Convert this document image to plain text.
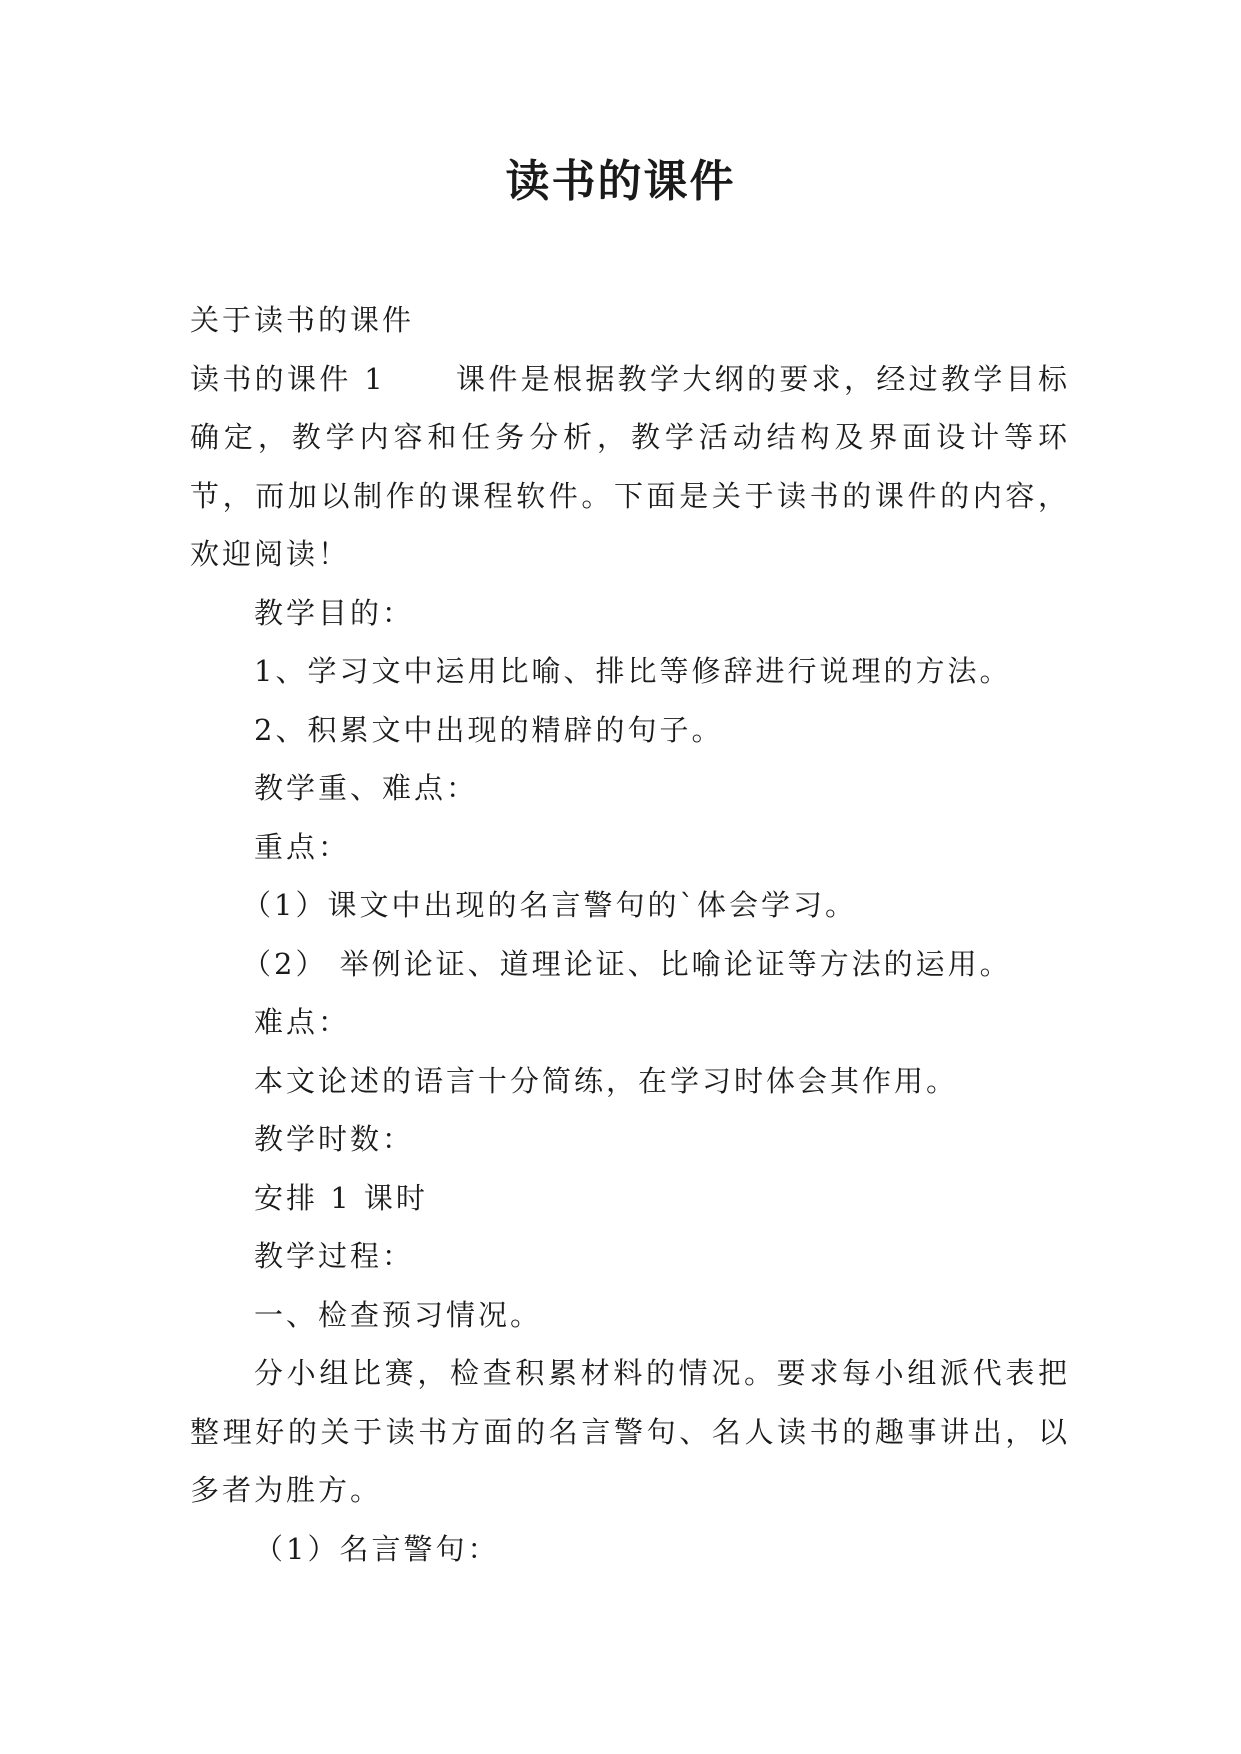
读书的课件

关于读书的课件

读书的课件 1 课件是根据教学大纲的要求，经过教学目标确定，教学内容和任务分析，教学活动结构及界面设计等环节，而加以制作的课程软件。下面是关于读书的课件的内容，欢迎阅读！

教学目的：

1、学习文中运用比喻、排比等修辞进行说理的方法。

2、积累文中出现的精辟的句子。

教学重、难点：

重点：

（1）课文中出现的名言警句的`体会学习。

（2） 举例论证、道理论证、比喻论证等方法的运用。

难点：

本文论述的语言十分简练，在学习时体会其作用。

教学时数：

安排 1 课时

教学过程：

一、检查预习情况。

分小组比赛，检查积累材料的情况。要求每小组派代表把整理好的关于读书方面的名言警句、名人读书的趣事讲出，以多者为胜方。

（1）名言警句：
